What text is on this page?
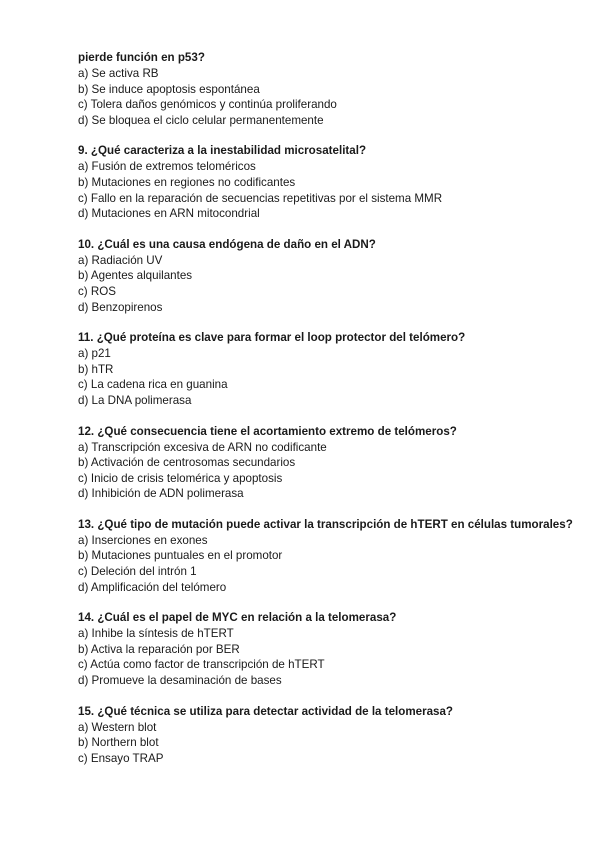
pierde función en p53?

a) Se activa RB

b) Se induce apoptosis espontánea

c) Tolera daños genómicos y continúa proliferando

d) Se bloquea el ciclo celular permanentemente

9. ¿Qué caracteriza a la inestabilidad microsatelital?

a) Fusión de extremos teloméricos

b) Mutaciones en regiones no codificantes

c) Fallo en la reparación de secuencias repetitivas por el sistema MMR

d) Mutaciones en ARN mitocondrial

10. ¿Cuál es una causa endógena de daño en el ADN?

a) Radiación UV

b) Agentes alquilantes

c) ROS

d) Benzopirenos

11. ¿Qué proteína es clave para formar el loop protector del telómero?

a) p21

b) hTR

c) La cadena rica en guanina

d) La DNA polimerasa

12. ¿Qué consecuencia tiene el acortamiento extremo de telómeros?

a) Transcripción excesiva de ARN no codificante

b) Activación de centrosomas secundarios

c) Inicio de crisis telomérica y apoptosis

d) Inhibición de ADN polimerasa

13. ¿Qué tipo de mutación puede activar la transcripción de hTERT en células tumorales?

a) Inserciones en exones

b) Mutaciones puntuales en el promotor

c) Deleción del intrón 1

d) Amplificación del telómero

14. ¿Cuál es el papel de MYC en relación a la telomerasa?

a) Inhibe la síntesis de hTERT

b) Activa la reparación por BER

c) Actúa como factor de transcripción de hTERT

d) Promueve la desaminación de bases

15. ¿Qué técnica se utiliza para detectar actividad de la telomerasa?

a) Western blot

b) Northern blot

c) Ensayo TRAP
